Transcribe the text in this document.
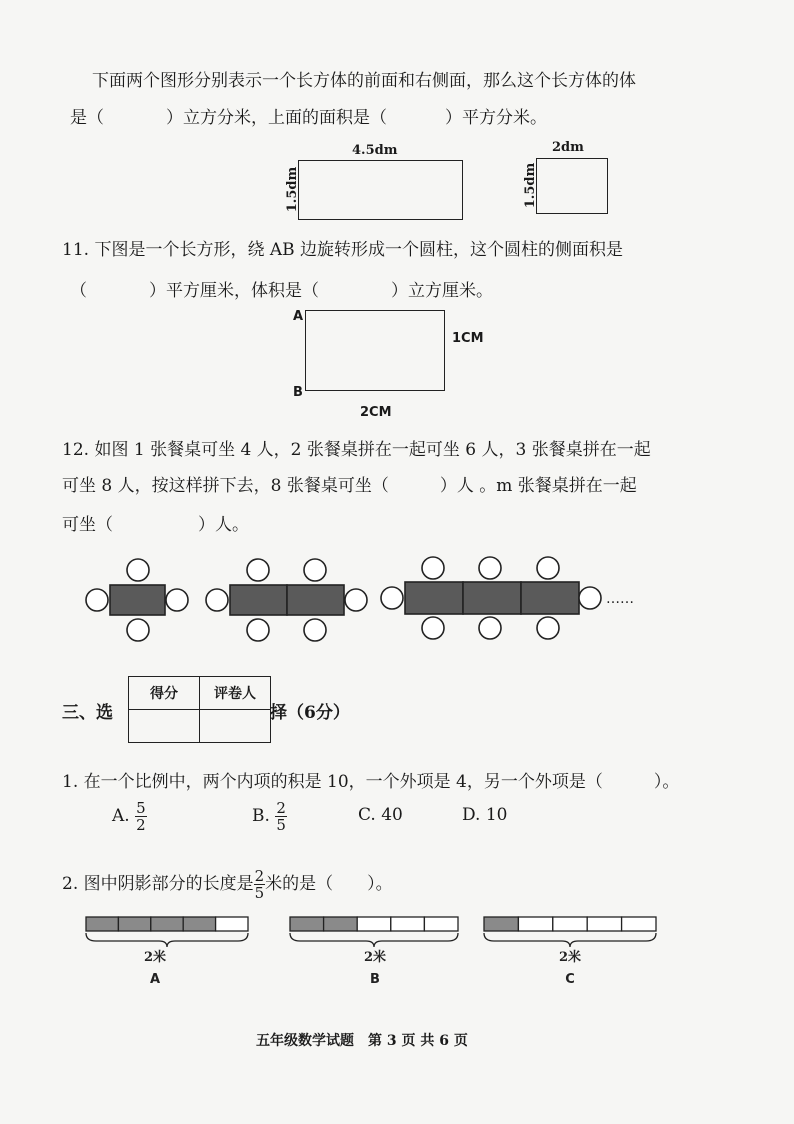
下面两个图形分别表示一个长方体的前面和右侧面，那么这个长方体的体
是（	）立方分米，上面的面积是（	）平方分米。
4.5dm
1.5dm
2dm
1.5dm
11. 下图是一个长方形，绕 AB 边旋转形成一个圆柱，这个圆柱的侧面积是
（	）平方厘米，体积是（	）立方厘米。
A
B
1CM
2CM
12. 如图 1 张餐桌可坐 4 人，2 张餐桌拼在一起可坐 6 人，3 张餐桌拼在一起
可坐 8 人，按这样拼下去，8 张餐桌可坐（　　　）人 。m 张餐桌拼在一起
可坐（　　　　　）人。
……
三、选
得分	评卷人

择（6分）
1. 在一个比例中，两个内项的积是 10，一个外项是 4，另一个外项是（　　　）。
A. $\frac{5}{2}$	B. $\frac{2}{5}$	C. 40	D. 10
2. 图中阴影部分的长度是 $\frac{2}{5}$ 米的是（　　）。
2米	2米	2米
A	B	C
五年级数学试题　第 3 页 共 6 页
